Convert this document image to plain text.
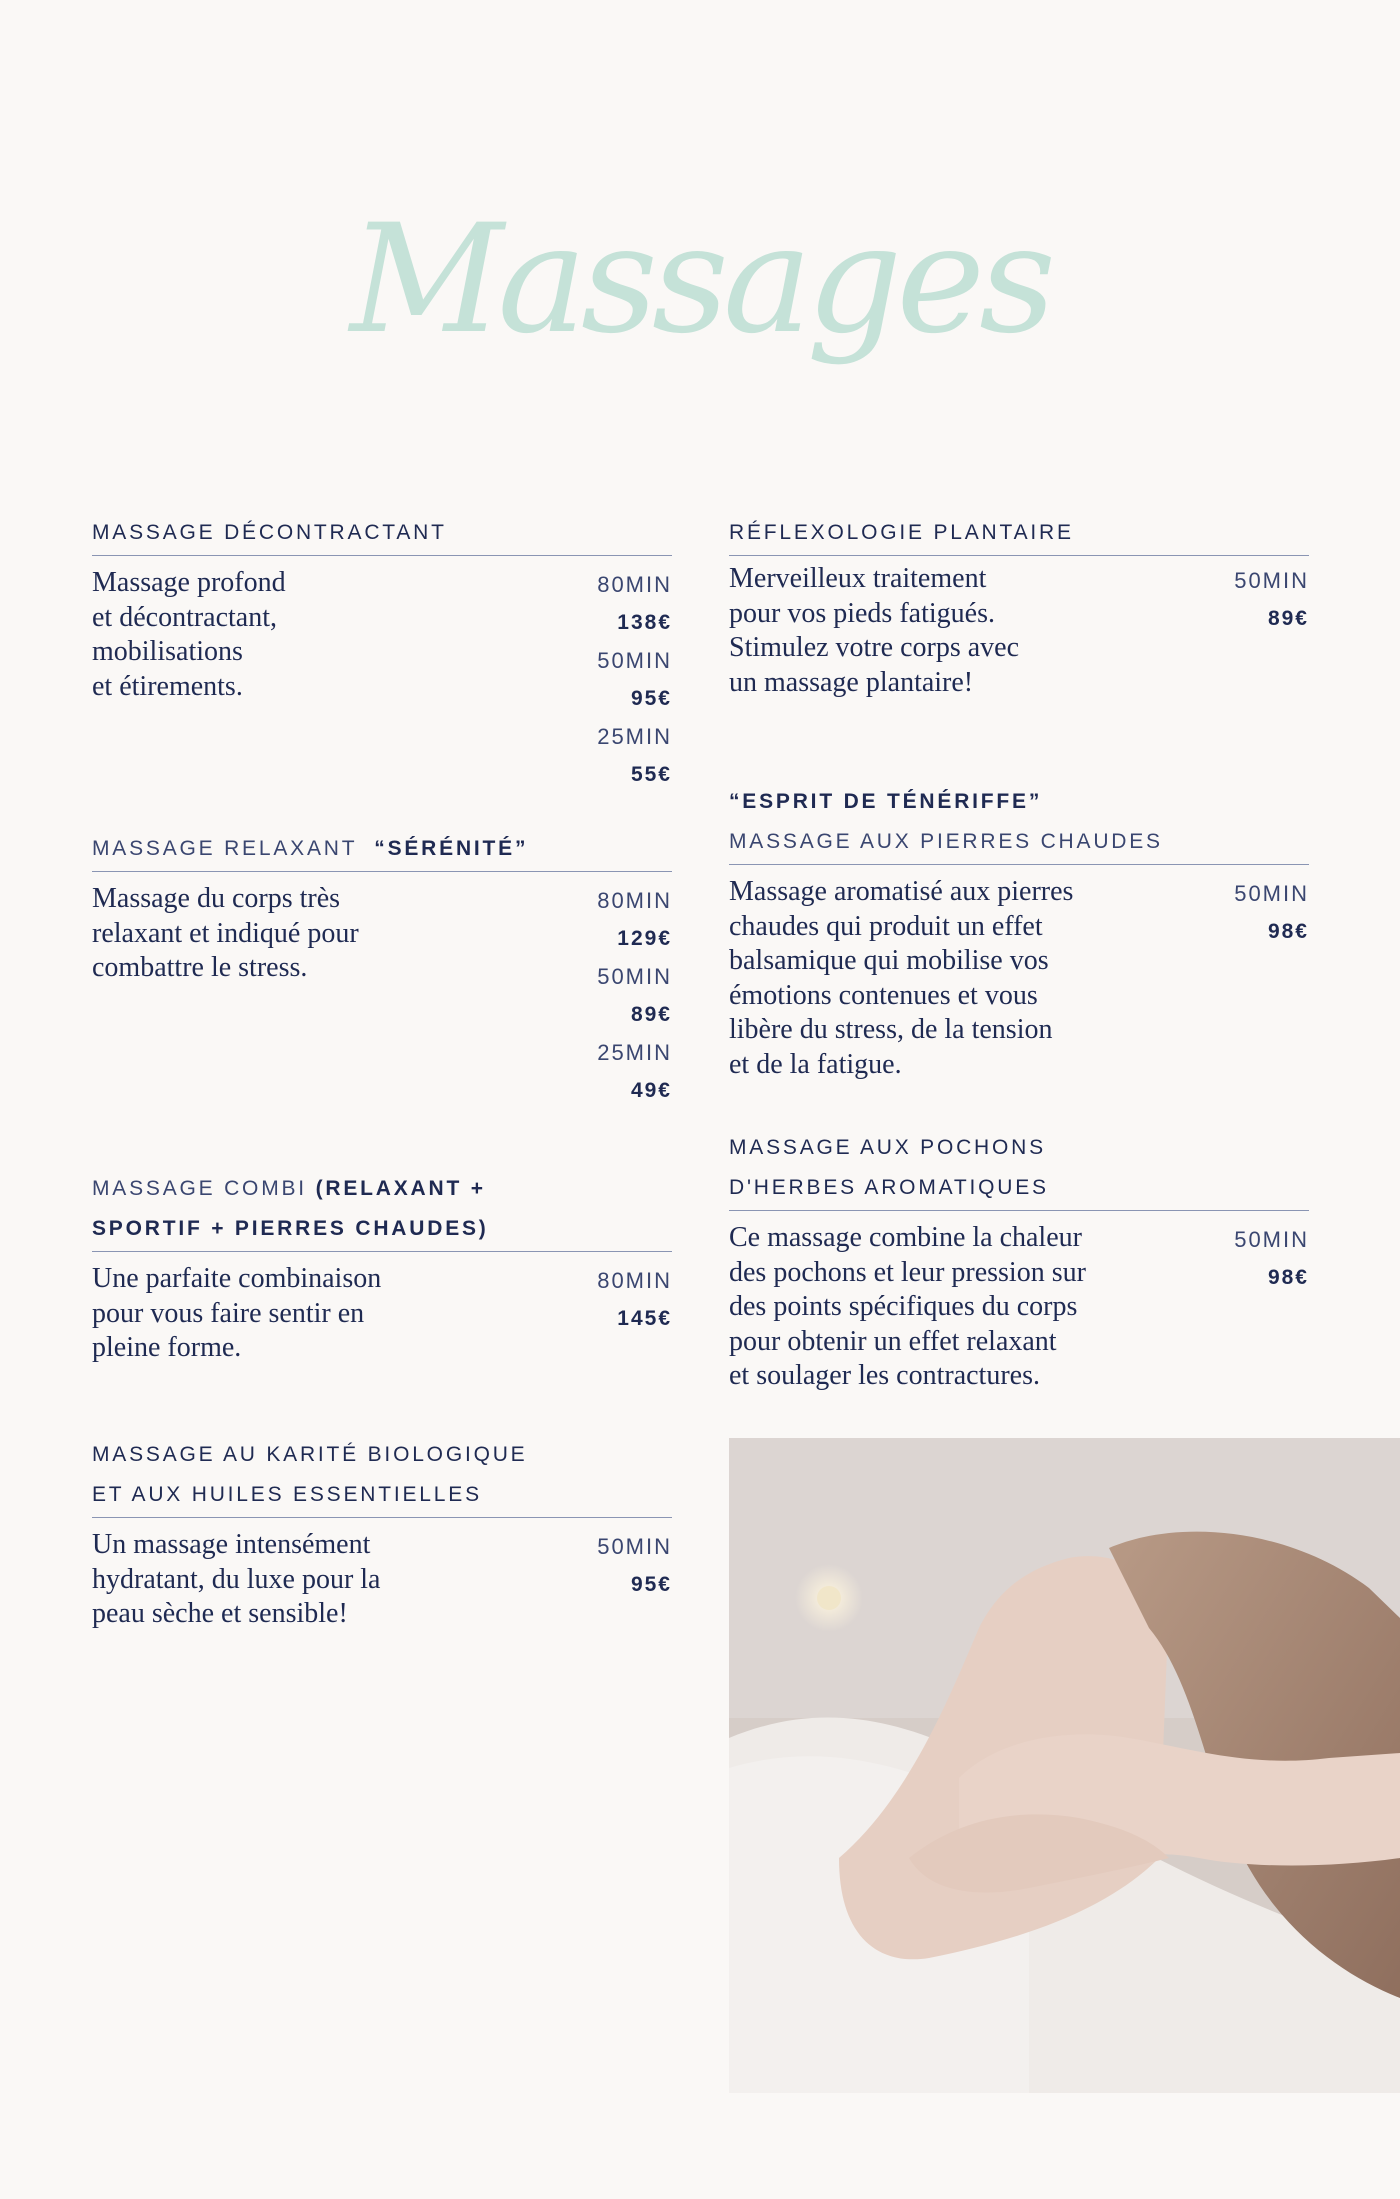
Massages
MASSAGE DÉCONTRACTANT
Massage profond
et décontractant,
mobilisations
et étirements.
80MIN
138€
50MIN
95€
25MIN
55€
MASSAGE RELAXANT “SÉRÉNITÉ”
Massage du corps très
relaxant et indiqué pour
combattre le stress.
80MIN
129€
50MIN
89€
25MIN
49€
MASSAGE COMBI (RELAXANT +
SPORTIF + PIERRES CHAUDES)
Une parfaite combinaison
pour vous faire sentir en
pleine forme.
80MIN
145€
MASSAGE AU KARITÉ BIOLOGIQUE
ET AUX HUILES ESSENTIELLES
Un massage intensément
hydratant, du luxe pour la
peau sèche et sensible!
50MIN
95€
RÉFLEXOLOGIE PLANTAIRE
Merveilleux traitement
pour vos pieds fatigués.
Stimulez votre corps avec
un massage plantaire!
50MIN
89€
“ESPRIT DE TÉNÉRIFFE”
MASSAGE AUX PIERRES CHAUDES
Massage aromatisé aux pierres
chaudes qui produit un effet
balsamique qui mobilise vos
émotions contenues et vous
libère du stress, de la tension
et de la fatigue.
50MIN
98€
MASSAGE AUX POCHONS
D'HERBES AROMATIQUES
Ce massage combine la chaleur
des pochons et leur pression sur
des points spécifiques du corps
pour obtenir un effet relaxant
et soulager les contractures.
50MIN
98€
